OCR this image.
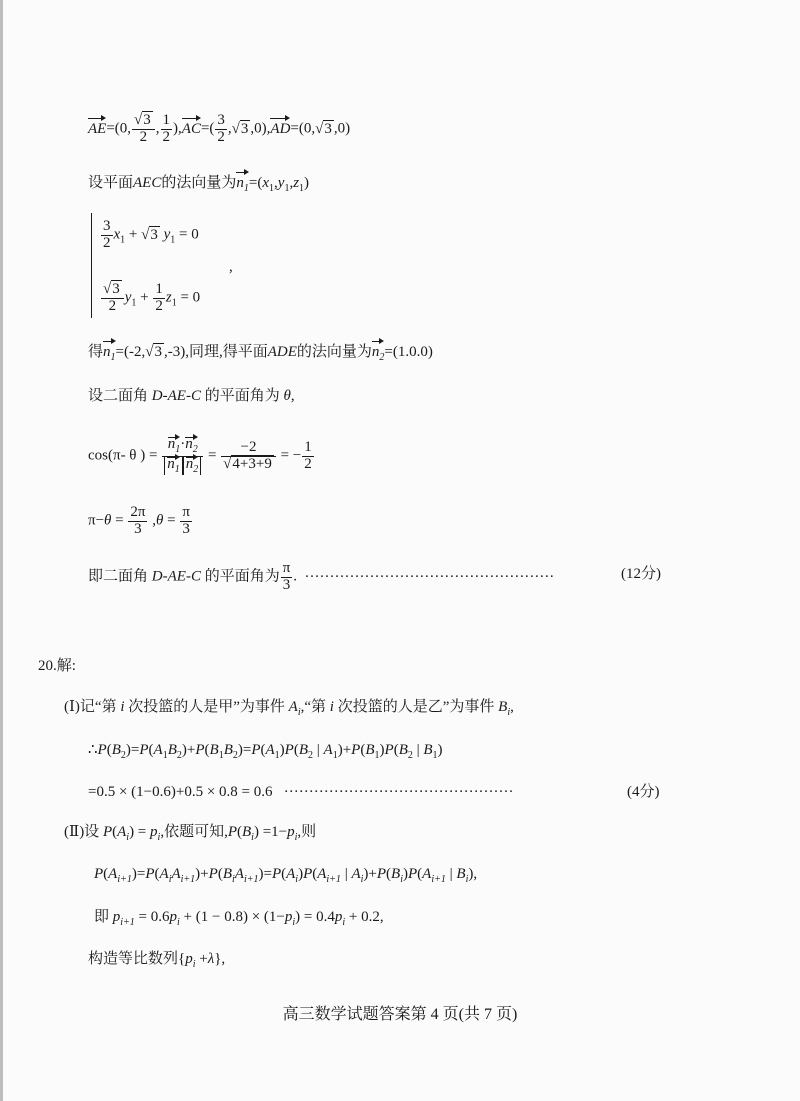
AE=(0, $\frac{√3}{2}$ , $\frac{1}{2} ),AC=( \frac{3}{2} ,√3$ ,0),AD=(0,√3 ,0)
设平面AEC的法向量为$n_1=(x_1,y_1,z_1)$
$\frac{3}{2} x_1 + √3$ $y_1 = 0$
,
$\frac{√3}{2} y_1 + \frac{1}{2} z_1 = 0$
得$n_1=(-2,√3$ ,-3),同理,得平面ADE的法向量为$n_2=(1.0.0)$
设二面角 D-AE-C 的平面角为 θ,
cos(π- θ ) = $\frac{n_1\cdot n_2}{n_1 n_2} = \frac{-2}{√4+3+9}$ = − $\frac{1}{2}$
$\pi-\theta = \frac{2\pi}{3} ,\theta = \frac{\pi}{3}$
即二面角 D-AE-C 的平面角为 $\frac{\pi}{3}$ .  ··················································	(12分)
20.解:
(Ⅰ)记“第 i 次投篮的人是甲”为事件 $A_i,“$第 i 次投篮的人是乙”为事件 $B_i$,
$\therefore P(B_2)=P(A_1B_2)+P(B_1B_2)=P(A_1)P(B_2$ | $A_1)+P(B_1)P(B_2$ | $B_1$)
=0.5 × (1−0.6)+0.5 × 0.8 = 0.6   ··············································	(4分)
(Ⅱ)设 $P(A_i) = p_i$,依题可知$,P(B_i) =1-p_i$,则
$P(A_{i+1})=P(A_iA_{i+1})+P(B_iA_{i+1})=P(A_i)P(A_{i+1}$ | $A_i)+P(B_i)P(A_{i+1}$ | $B_i$),
即 $p_{i+1} = 0.6p_i + (1 - 0.8) \times (1-p_i) = 0.4p_i + 0.2$,
构造等比数列$\{p_i +\lambda\}$,
高三数学试题答案第 4 页(共 7 页)
